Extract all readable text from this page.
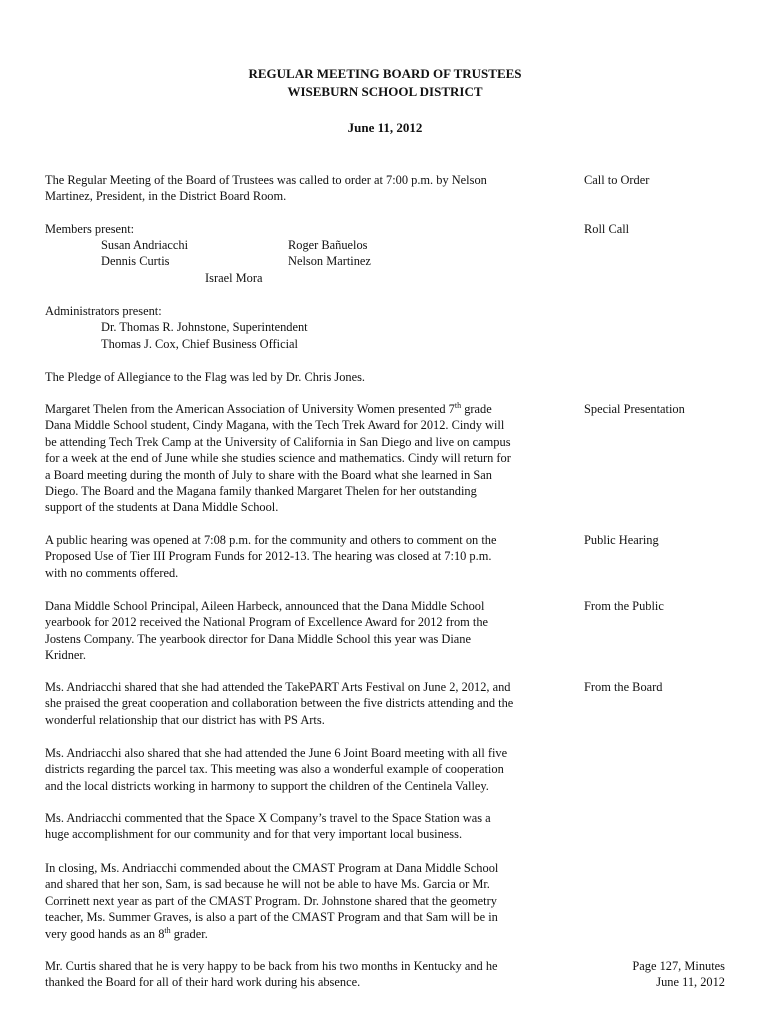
REGULAR MEETING BOARD OF TRUSTEES
WISEBURN SCHOOL DISTRICT
June 11, 2012
The Regular Meeting of the Board of Trustees was called to order at 7:00 p.m. by Nelson
Martinez, President, in the District Board Room.
Call to Order
Members present:	Roll Call
Susan Andriacchi	Roger Bañuelos
Dennis Curtis	Nelson Martinez
Israel Mora
Administrators present:
Dr. Thomas R. Johnstone, Superintendent
Thomas J. Cox, Chief Business Official
The Pledge of Allegiance to the Flag was led by Dr. Chris Jones.
Margaret Thelen from the American Association of University Women presented 7th grade
Dana Middle School student, Cindy Magana, with the Tech Trek Award for 2012. Cindy will
be attending Tech Trek Camp at the University of California in San Diego and live on campus
for a week at the end of June while she studies science and mathematics. Cindy will return for
a Board meeting during the month of July to share with the Board what she learned in San
Diego. The Board and the Magana family thanked Margaret Thelen for her outstanding
support of the students at Dana Middle School.
Special Presentation
A public hearing was opened at 7:08 p.m. for the community and others to comment on the
Proposed Use of Tier III Program Funds for 2012-13. The hearing was closed at 7:10 p.m.
with no comments offered.
Public Hearing
Dana Middle School Principal, Aileen Harbeck, announced that the Dana Middle School
yearbook for 2012 received the National Program of Excellence Award for 2012 from the
Jostens Company. The yearbook director for Dana Middle School this year was Diane
Kridner.
From the Public
Ms. Andriacchi shared that she had attended the TakePART Arts Festival on June 2, 2012, and
she praised the great cooperation and collaboration between the five districts attending and the
wonderful relationship that our district has with PS Arts.
From the Board
Ms. Andriacchi also shared that she had attended the June 6 Joint Board meeting with all five
districts regarding the parcel tax. This meeting was also a wonderful example of cooperation
and the local districts working in harmony to support the children of the Centinela Valley.
Ms. Andriacchi commented that the Space X Company’s travel to the Space Station was a
huge accomplishment for our community and for that very important local business.
In closing, Ms. Andriacchi commended about the CMAST Program at Dana Middle School
and shared that her son, Sam, is sad because he will not be able to have Ms. Garcia or Mr.
Corrinett next year as part of the CMAST Program. Dr. Johnstone shared that the geometry
teacher, Ms. Summer Graves, is also a part of the CMAST Program and that Sam will be in
very good hands as an 8th grader.
Mr. Curtis shared that he is very happy to be back from his two months in Kentucky and he
thanked the Board for all of their hard work during his absence.
Page 127, Minutes
June 11, 2012
